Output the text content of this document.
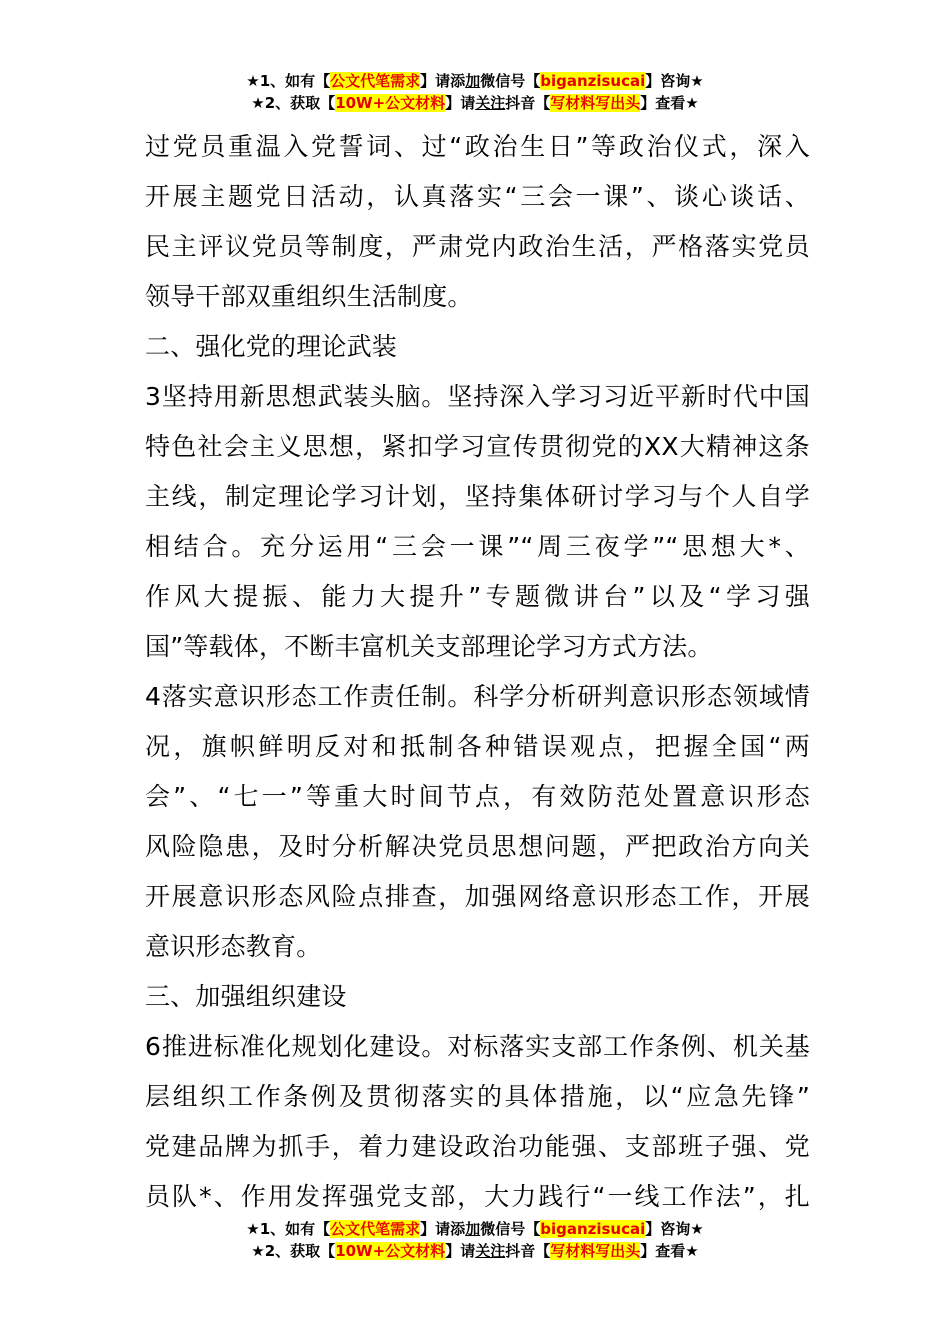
★1、如有【公文代笔需求】请添加微信号【biganzisucai】咨询★
★2、获取【10W+公文材料】请关注抖音【写材料写出头】查看★
过党员重温入党誓词、过“政治生日”等政治仪式，深入
开展主题党日活动，认真落实“三会一课”、谈心谈话、
民主评议党员等制度，严肃党内政治生活，严格落实党员
领导干部双重组织生活制度。
二、强化党的理论武装
3坚持用新思想武装头脑。坚持深入学习习近平新时代中国
特色社会主义思想，紧扣学习宣传贯彻党的XX大精神这条
主线，制定理论学习计划，坚持集体研讨学习与个人自学
相结合。充分运用“三会一课”“周三夜学”“思想大*、
作风大提振、能力大提升”专题微讲台”以及“学习强
国”等载体，不断丰富机关支部理论学习方式方法。
4落实意识形态工作责任制。科学分析研判意识形态领域情
况，旗帜鲜明反对和抵制各种错误观点，把握全国“两
会”、“七一”等重大时间节点，有效防范处置意识形态
风险隐患，及时分析解决党员思想问题，严把政治方向关
开展意识形态风险点排查，加强网络意识形态工作，开展
意识形态教育。
三、加强组织建设
6推进标准化规划化建设。对标落实支部工作条例、机关基
层组织工作条例及贯彻落实的具体措施，以“应急先锋”
党建品牌为抓手，着力建设政治功能强、支部班子强、党
员队*、作用发挥强党支部，大力践行“一线工作法”，扎
★1、如有【公文代笔需求】请添加微信号【biganzisucai】咨询★
★2、获取【10W+公文材料】请关注抖音【写材料写出头】查看★
